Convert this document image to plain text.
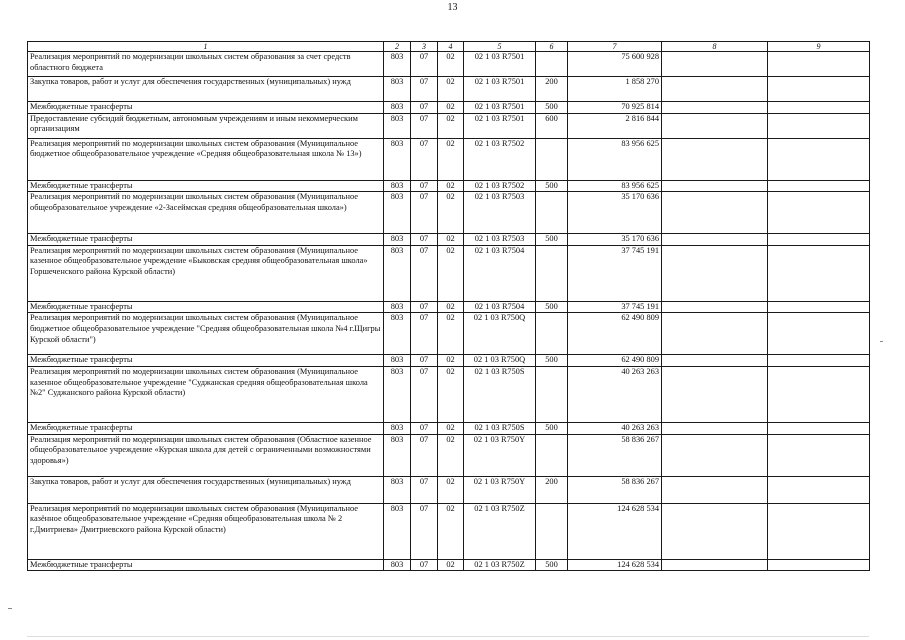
13
1	2	3	4	5	6	7	8	9
Реализация мероприятий по модернизации школьных систем образования за счет средств областного бюджета	803	07	02	02 1 03 R7501		75 600 928		
Закупка товаров, работ и услуг для обеспечения государственных (муниципальных) нужд	803	07	02	02 1 03 R7501	200	1 858 270		
Межбюджетные трансферты	803	07	02	02 1 03 R7501	500	70 925 814		
Предоставление субсидий бюджетным, автономным учреждениям и иным некоммерческим организациям	803	07	02	02 1 03 R7501	600	2 816 844		
Реализация мероприятий по модернизации школьных систем образования (Муниципальное бюджетное общеобразовательное учреждение «Средняя общеобразовательная школа № 13»)	803	07	02	02 1 03 R7502		83 956 625		
Межбюджетные трансферты	803	07	02	02 1 03 R7502	500	83 956 625		
Реализация мероприятий по модернизации школьных систем образования (Муниципальное общеобразовательное учреждение «2-Засеймская средняя общеобразовательная школа»)	803	07	02	02 1 03 R7503		35 170 636		
Межбюджетные трансферты	803	07	02	02 1 03 R7503	500	35 170 636		
Реализация мероприятий по модернизации школьных систем образования (Муниципальное казенное общеобразовательное учреждение «Быковская средняя общеобразовательная школа» Горшеченского района Курской области)	803	07	02	02 1 03 R7504		37 745 191		
Межбюджетные трансферты	803	07	02	02 1 03 R7504	500	37 745 191		
Реализация мероприятий по модернизации школьных систем образования (Муниципальное бюджетное общеобразовательное учреждение "Средняя общеобразовательная школа №4 г.Щигры Курской области")	803	07	02	02 1 03 R750Q		62 490 809		
Межбюджетные трансферты	803	07	02	02 1 03 R750Q	500	62 490 809		
Реализация мероприятий по модернизации школьных систем образования (Муниципальное казенное общеобразовательное учреждение "Суджанская средняя общеобразовательная школа №2" Суджанского района Курской области)	803	07	02	02 1 03 R750S		40 263 263		
Межбюджетные трансферты	803	07	02	02 1 03 R750S	500	40 263 263		
Реализация мероприятий по модернизации школьных систем образования (Областное казенное общеобразовательное учреждение «Курская школа для детей с ограниченными возможностями здоровья»)	803	07	02	02 1 03 R750Y		58 836 267		
Закупка товаров, работ и услуг для обеспечения государственных (муниципальных) нужд	803	07	02	02 1 03 R750Y	200	58 836 267		
Реализация мероприятий по модернизации школьных систем образования (Муниципальное казённое общеобразовательное учреждение «Средняя общеобразовательная школа № 2 г.Дмитриева» Дмитриевского района Курской области)	803	07	02	02 1 03 R750Z		124 628 534		
Межбюджетные трансферты	803	07	02	02 1 03 R750Z	500	124 628 534		
